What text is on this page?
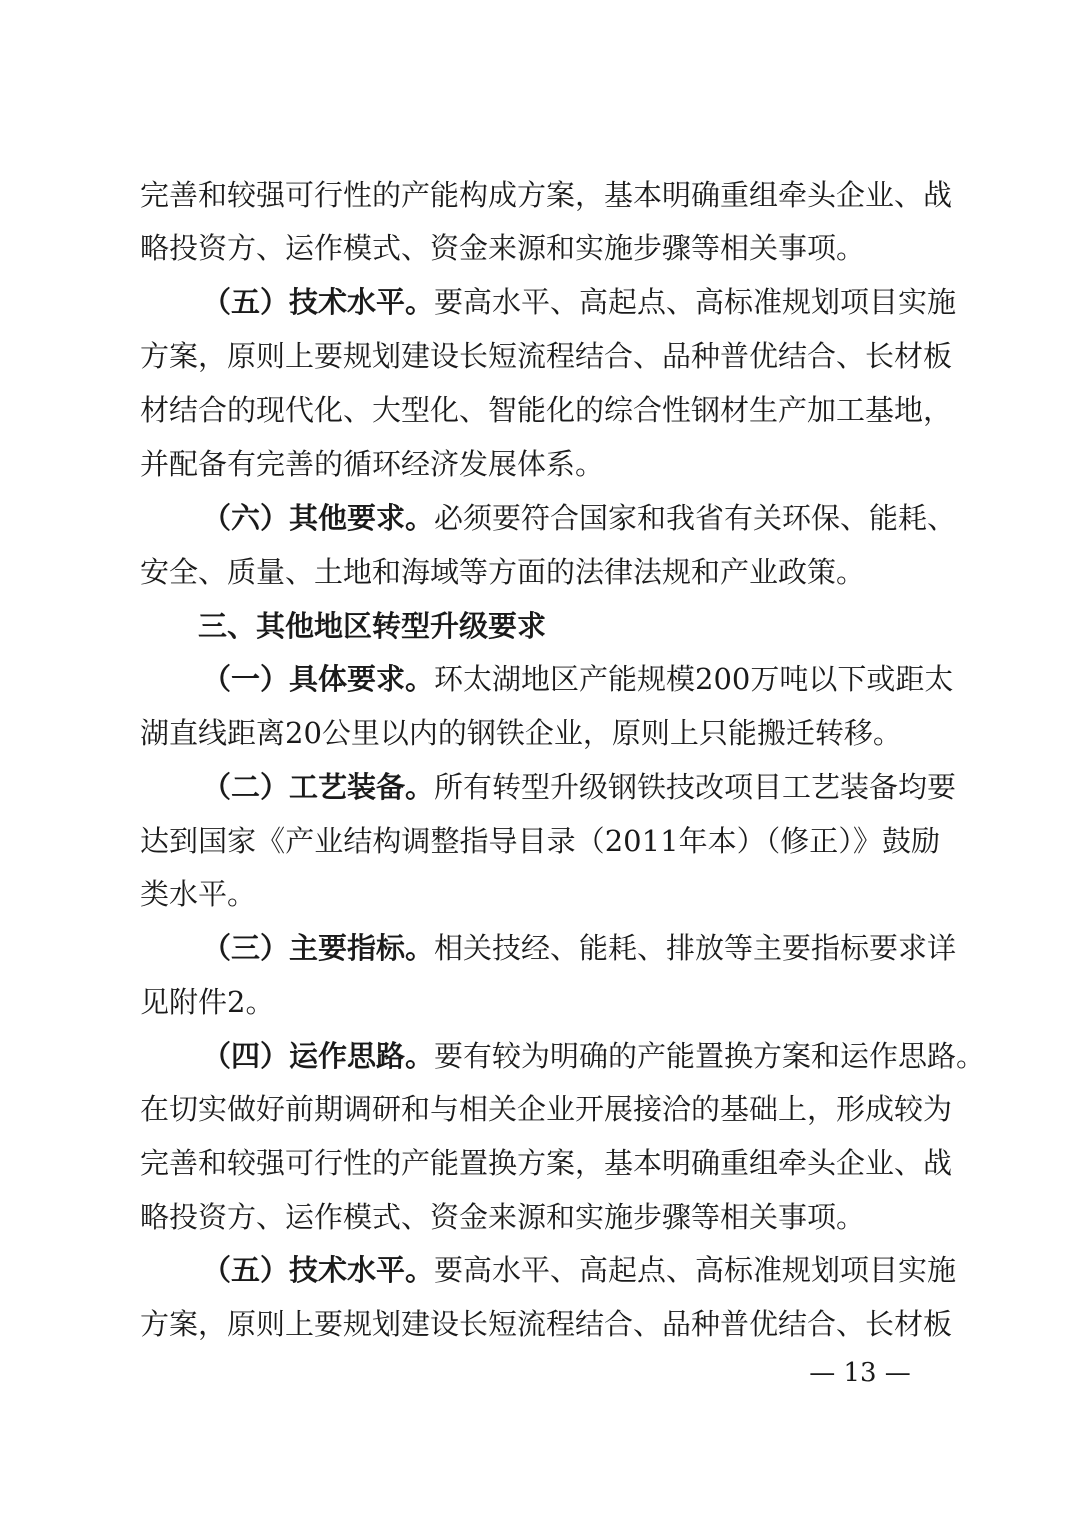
完善和较强可行性的产能构成方案，基本明确重组牵头企业、战
略投资方、运作模式、资金来源和实施步骤等相关事项。
（五）技术水平。要高水平、高起点、高标准规划项目实施
方案，原则上要规划建设长短流程结合、品种普优结合、长材板
材结合的现代化、大型化、智能化的综合性钢材生产加工基地，
并配备有完善的循环经济发展体系。
（六）其他要求。必须要符合国家和我省有关环保、能耗、
安全、质量、土地和海域等方面的法律法规和产业政策。
三、其他地区转型升级要求
（一）具体要求。环太湖地区产能规模200万吨以下或距太
湖直线距离20公里以内的钢铁企业，原则上只能搬迁转移。
（二）工艺装备。所有转型升级钢铁技改项目工艺装备均要
达到国家《产业结构调整指导目录（2011年本）（修正）》鼓励
类水平。
（三）主要指标。相关技经、能耗、排放等主要指标要求详
见附件2。
（四）运作思路。要有较为明确的产能置换方案和运作思路。
在切实做好前期调研和与相关企业开展接洽的基础上，形成较为
完善和较强可行性的产能置换方案，基本明确重组牵头企业、战
略投资方、运作模式、资金来源和实施步骤等相关事项。
（五）技术水平。要高水平、高起点、高标准规划项目实施
方案，原则上要规划建设长短流程结合、品种普优结合、长材板
— 13 —
